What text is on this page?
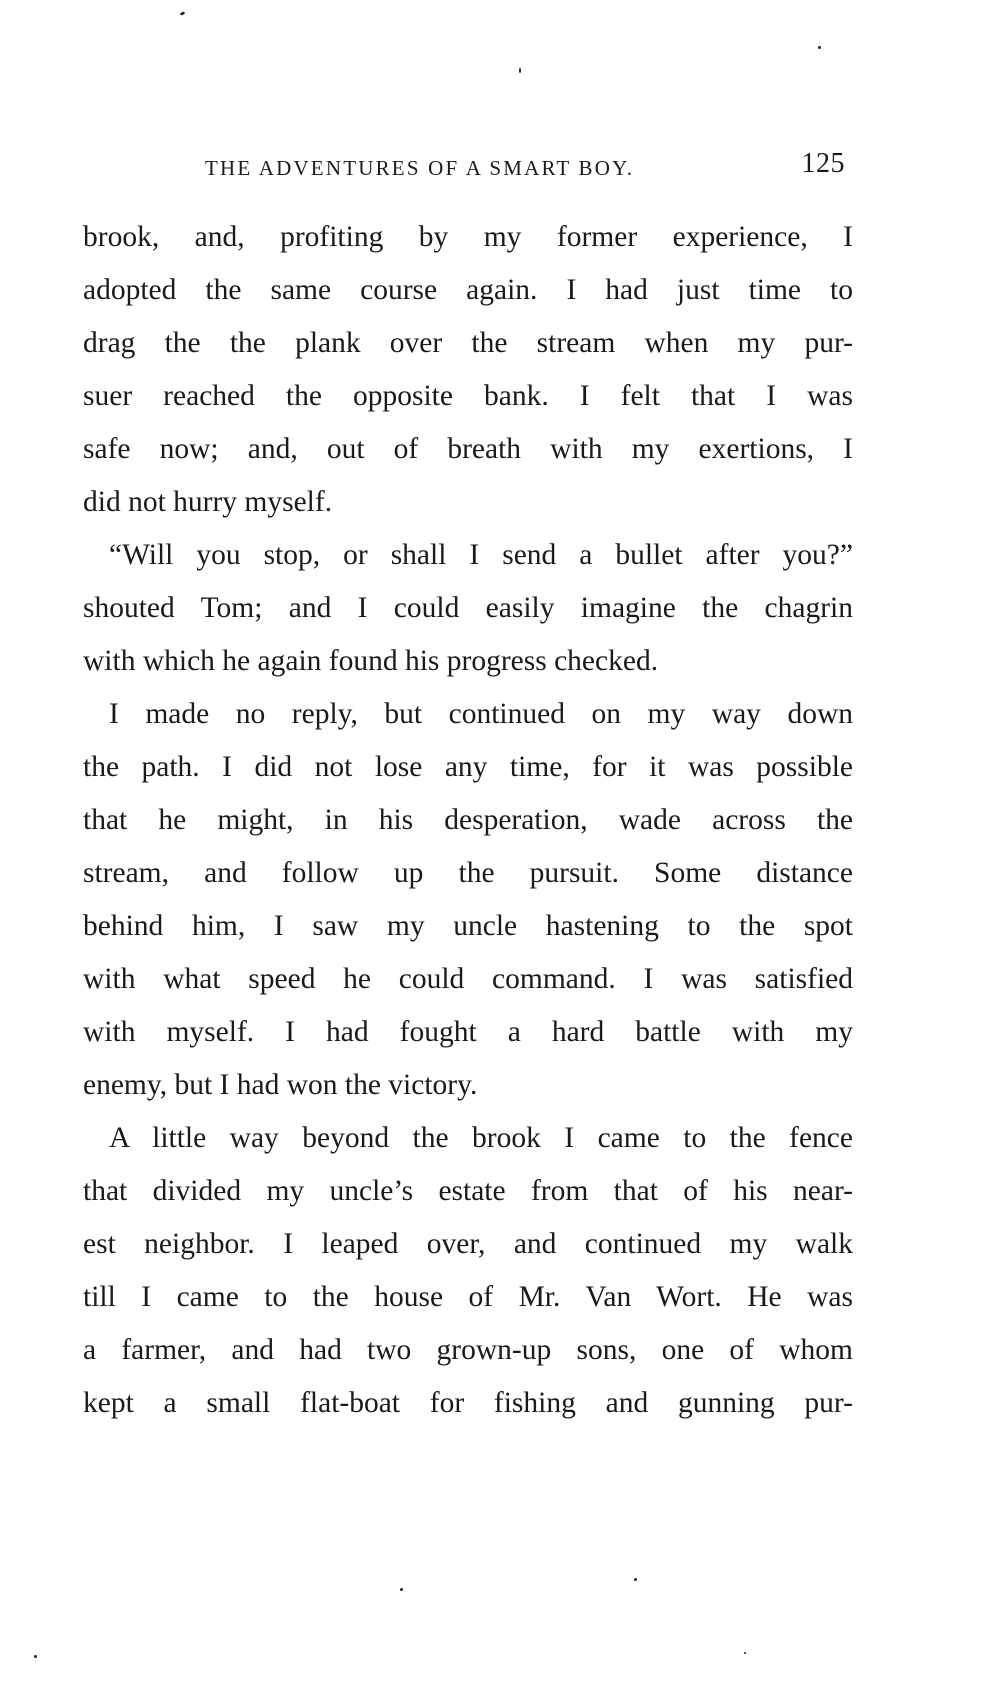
THE ADVENTURES OF A SMART BOY.	125
brook, and, profiting by my former experience, I
adopted the same course again. I had just time to
drag the the plank over the stream when my pur-
suer reached the opposite bank. I felt that I was
safe now; and, out of breath with my exertions, I
did not hurry myself.
“Will you stop, or shall I send a bullet after you?”
shouted Tom; and I could easily imagine the chagrin
with which he again found his progress checked.
I made no reply, but continued on my way down
the path. I did not lose any time, for it was possible
that he might, in his desperation, wade across the
stream, and follow up the pursuit. Some distance
behind him, I saw my uncle hastening to the spot
with what speed he could command. I was satisfied
with myself. I had fought a hard battle with my
enemy, but I had won the victory.
A little way beyond the brook I came to the fence
that divided my uncle’s estate from that of his near-
est neighbor. I leaped over, and continued my walk
till I came to the house of Mr. Van Wort. He was
a farmer, and had two grown-up sons, one of whom
kept a small flat-boat for fishing and gunning pur-
